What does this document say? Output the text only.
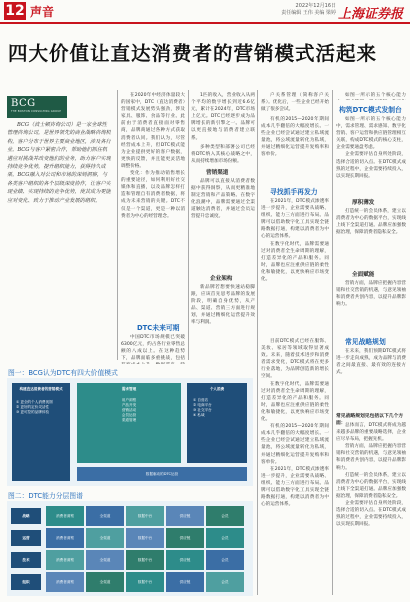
12 声音	2022年12月16日
责任编辑 王伟 美编 梁婷 上海证券报
四大价值让直达消费者的营销模式活起来
BCG
THE BOSTON CONSULTING GROUP

BCG（波士顿咨询公司）是一家全球性管理咨询公司，是世界领先的商业战略咨询机构，客户分布于世界主要商业地区，涉及各行业。BCG与客户紧密合作，帮助他们抓住机遇应对挑战并改变他们的业务，助力客户实现持续竞争优势，提升组织能力，获得持久成果。BCG融入对公司和市场的深刻洞察，与各类客户组织的各个层级深度协作，让客户实现业绩、实现持续的竞争优势，使其成为更能应对变化、致力于推动产业发展的组织。

在2020年中经济体量较大的国家中，DTC（直达消费者）营销模式发展势头强劲，涉及家具、服饰、食品等行业。此前由于消费者直接面对零售商，品牌商通过各种方式获取消费者认同。我们认为，尽管经营成本上升，但DTC模式能为企业提供更好的客户数据，更快的反馈，并且能更灵活地调整价格。

变化：作为推动销售增长的重要途径，如何利用好社交媒体和直播，以及品牌怎样打造和管理自有消费者数据，将成为未来营销的关键。DTC不仅是一个渠道，更是一种以消费者为中心的经营理念。

DTC未来可期

中国DTC市场规模已突破6300亿元，约占各行业零售总额的八成以上。在这种趋势下，品牌面临多重挑战，包括

1匹的收入，营业收入从两个平均的数字增长到近6.6亿元，累计在2024年，DTC市场上亿元。DTC已经逐步成为品牌增长的新引擎之一。品牌可以更直接地与消费者建立联系。

多种类型和部署公司已经将DTC纳入其核心战略之中，从而持续增加市场份额。

营销渠道

品牌可以直接从消费者数据中获得洞察，从而更精准地制定营销和产品策略。在数字化浪潮中，品牌需要通过全渠道触达消费者，并通过会员运营提升忠诚度。

企业架构

新品牌若想要快速站稳脚跟，应该首先思考品牌的发展阶段，明确自身优势，从产品、渠道、营销三方面进行规划，并通过精细化运营提升效率与利润。

户关系管理（简称客户关系）。优化后，一些企业已经开始做了很多尝试。

有机的2015—2020年期间成本几乎翻倍的大幅度增长。一些企业已经尝试通过建立私域流量池，将公域流量转化为私域，并通过精细化运营提升复购率和客单价。

寻找抓手再发力

在2021年，DTC模式渗透率进一步提升，企业需要从战略、组织、能力三方面进行布局。品牌可以借助数字化工具实现全链路数据打通，构建以消费者为中心的运营体系。

在数字化时代，品牌需要通过对消费者全生命周期的理解，打造差异化的产品和服务。同时，品牌也应注重供应链的柔性化和敏捷化，以更快响应市场变化。

目前DTC模式已经在服饰、美妆、家居等领域取得显著成效。未来，随着技术进步和消费者需求变化，DTC模式将在更多行业落地，为品牌创造新的增长空间。

在数字化时代，品牌需要通过对消费者全生命周期的理解，打造差异化的产品和服务。同时，品牌也应注重供应链的柔性化和敏捷化，以更快响应市场变化。

有机的2015—2020年期间成本几乎翻倍的大幅度增长。一些企业已经尝试通过建立私域流量池，将公域流量转化为私域，并通过精细化运营提升复购率和客单价。

在2021年，DTC模式渗透率进一步提升，企业需要从战略、组织、能力三方面进行布局。品牌可以借助数字化工具实现全链路数据打通，构建以消费者为中心的运营体系。

如图一所示的五个核心能力

构筑DTC模式发制台

如图一所示的五个核心能力中，需求管理、需求感知、数字化营销、客户运营和供应链管理相互关联，构成DTC模式的核心支柱，企业需要通盘考虑。

企业需要评估自身所处阶段，选择合适的切入点。在DTC模式成熟的过程中，企业需要持续投入，以实现长期回报。

厚积薄发

打造统一的会员体系，建立以消费者为中心的数据平台，实现线上线下全渠道打通。品牌应加强数据治理，保障消费者隐私安全。

全面赋能

营销方面，品牌应把握内容营销和社交营销的机遇，与意见领袖和消费者共创内容，以提升品牌影响力。

常见战略规划

在未来，我们预期DTC模式将进一步走向成熟，成为品牌与消费者之间最直接、最有效的连接方式。

常见战略规划见包括以下几个方面： 总体而言，DTC模式将成为越来越多品牌的重要战略选择，企业应尽早布局，把握先机。

营销方面，品牌应把握内容营销和社交营销的机遇，与意见领袖和消费者共创内容，以提升品牌影响力。

打造统一的会员体系，建立以消费者为中心的数据平台，实现线上线下全渠道打通。品牌应加强数据治理，保障消费者隐私安全。

企业需要评估自身所处阶段，选择合适的切入点。在DTC模式成熟的过程中，企业需要持续投入，以实现长期回报。

图一：BCG认为DTC有四大价值模式
构建直达消费者的营销模式
① 更全的个人消费视图
② 更好的定价灵活性
③ 更可控的品牌体验
需求管理
用户洞察
产品开发
营销活动
会员运营
渠道管理
个人消费
① 自营店
② 电商平台
③ 社交平台
④ 私域
数据驱动的DTC运营
图二：DTC能力分层图谱
战略	消费者洞察	全渠道	数据中台	供应链	会员
运营	消费者洞察	全渠道	数据中台	供应链	会员
技术	消费者洞察	全渠道	数据中台	供应链	会员
组织	消费者洞察	全渠道	数据中台	供应链	会员
